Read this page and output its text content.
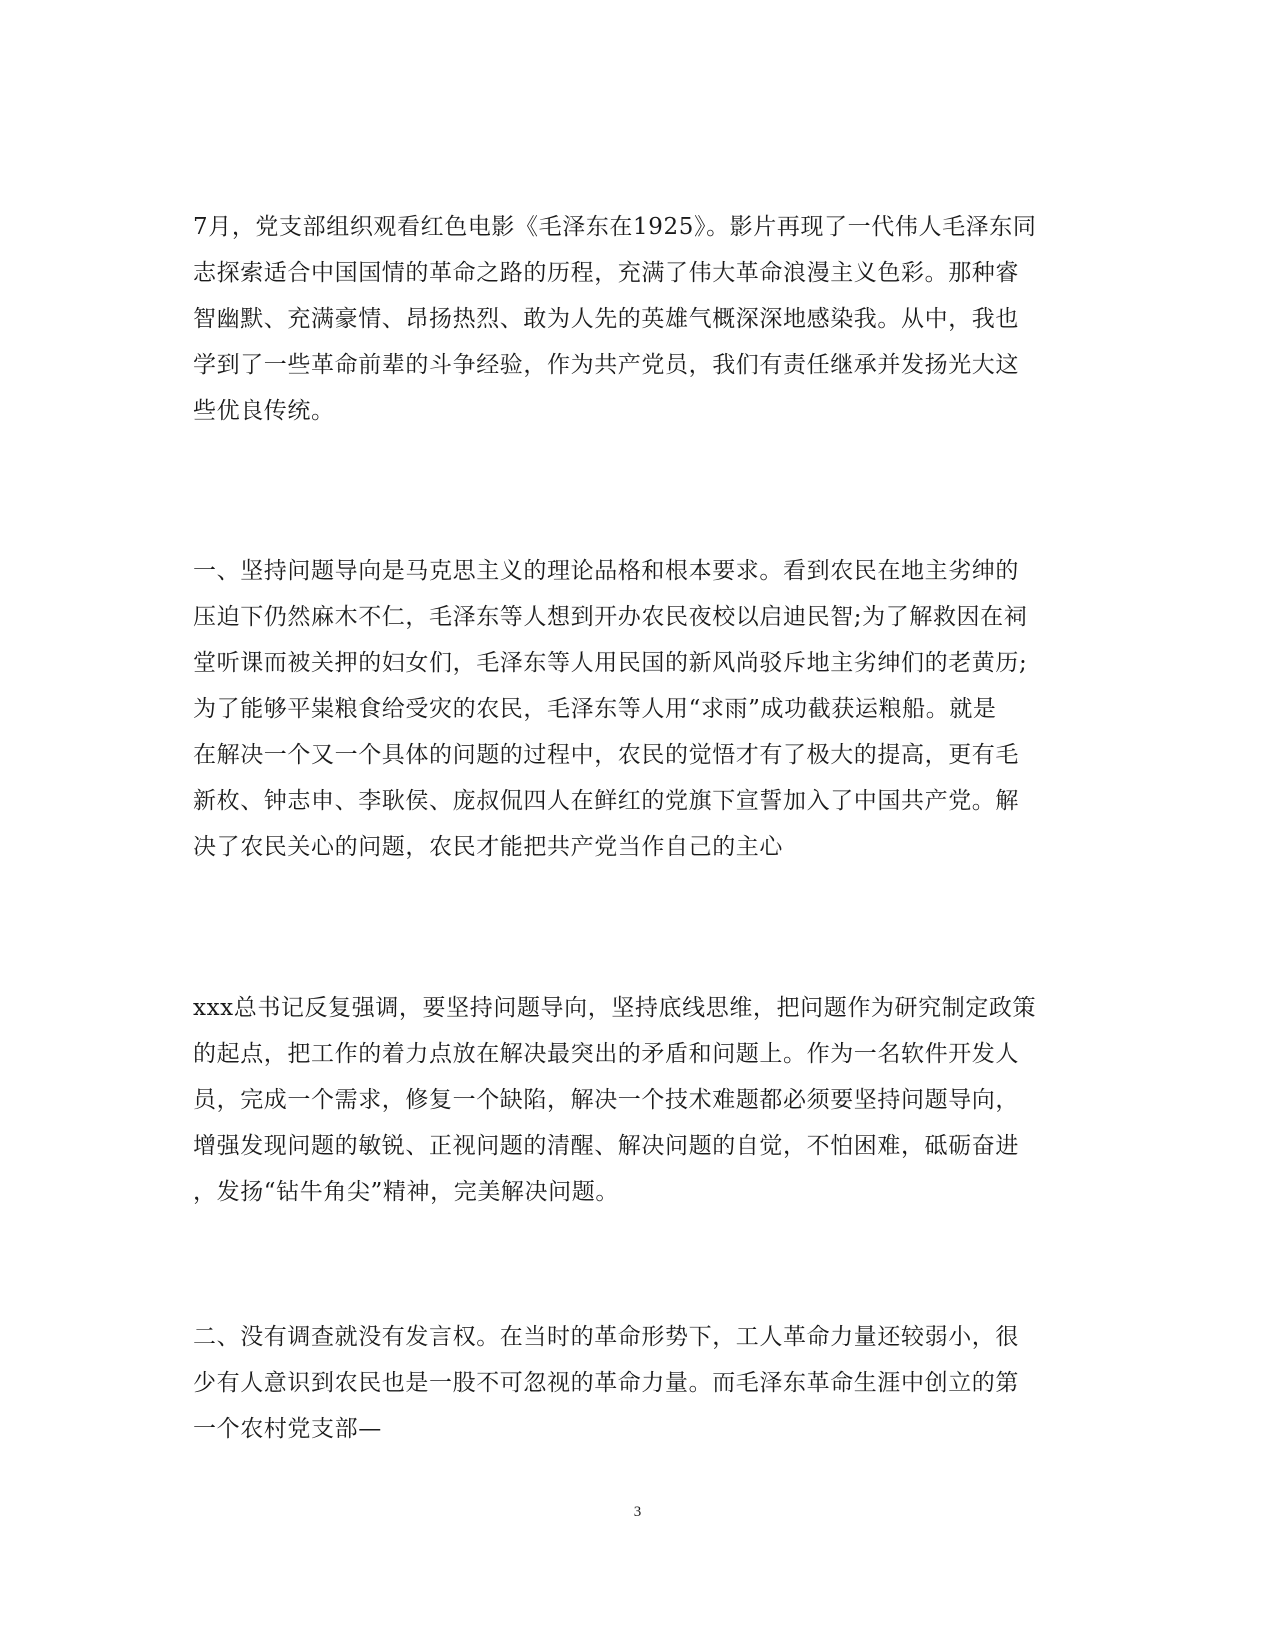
7月，党支部组织观看红色电影《毛泽东在1925》。影片再现了一代伟人毛泽东同
志探索适合中国国情的革命之路的历程，充满了伟大革命浪漫主义色彩。那种睿
智幽默、充满豪情、昂扬热烈、敢为人先的英雄气概深深地感染我。从中，我也
学到了一些革命前辈的斗争经验，作为共产党员，我们有责任继承并发扬光大这
些优良传统。
一、坚持问题导向是马克思主义的理论品格和根本要求。看到农民在地主劣绅的
压迫下仍然麻木不仁，毛泽东等人想到开办农民夜校以启迪民智;为了解救因在祠
堂听课而被关押的妇女们，毛泽东等人用民国的新风尚驳斥地主劣绅们的老黄历;
为了能够平粜粮食给受灾的农民，毛泽东等人用“求雨”成功截获运粮船。就是
在解决一个又一个具体的问题的过程中，农民的觉悟才有了极大的提高，更有毛
新枚、钟志申、李耿侯、庞叔侃四人在鲜红的党旗下宣誓加入了中国共产党。解
决了农民关心的问题，农民才能把共产党当作自己的主心
xxx总书记反复强调，要坚持问题导向，坚持底线思维，把问题作为研究制定政策
的起点，把工作的着力点放在解决最突出的矛盾和问题上。作为一名软件开发人
员，完成一个需求，修复一个缺陷，解决一个技术难题都必须要坚持问题导向，
增强发现问题的敏锐、正视问题的清醒、解决问题的自觉，不怕困难，砥砺奋进
，发扬“钻牛角尖”精神，完美解决问题。
二、没有调查就没有发言权。在当时的革命形势下，工人革命力量还较弱小，很
少有人意识到农民也是一股不可忽视的革命力量。而毛泽东革命生涯中创立的第
一个农村党支部—
3
